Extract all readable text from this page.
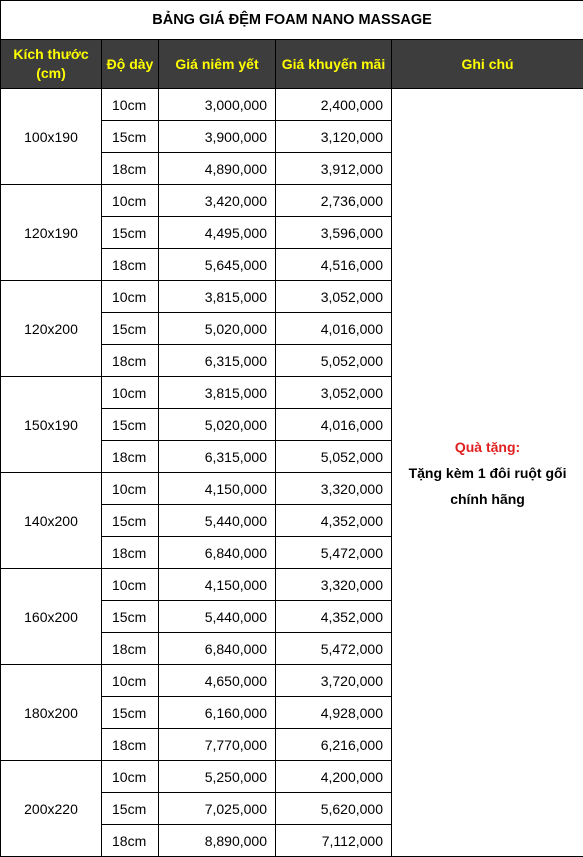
BẢNG GIÁ ĐỆM FOAM NANO MASSAGE				
Kích thước (cm)	Độ dày	Giá niêm yết	Giá khuyến mãi	Ghi chú
100x190	10cm	3,000,000	2,400,000	Quà tặng:
Tặng kèm 1 đôi ruột gối chính hãng

	15cm	3,900,000	3,120,000	
	18cm	4,890,000	3,912,000	
120x190	10cm	3,420,000	2,736,000	
	15cm	4,495,000	3,596,000	
	18cm	5,645,000	4,516,000	
120x200	10cm	3,815,000	3,052,000	
	15cm	5,020,000	4,016,000	
	18cm	6,315,000	5,052,000	
150x190	10cm	3,815,000	3,052,000	
	15cm	5,020,000	4,016,000	
	18cm	6,315,000	5,052,000	
140x200	10cm	4,150,000	3,320,000	
	15cm	5,440,000	4,352,000	
	18cm	6,840,000	5,472,000	
160x200	10cm	4,150,000	3,320,000	
	15cm	5,440,000	4,352,000	
	18cm	6,840,000	5,472,000	
180x200	10cm	4,650,000	3,720,000	
	15cm	6,160,000	4,928,000	
	18cm	7,770,000	6,216,000	
200x220	10cm	5,250,000	4,200,000	
	15cm	7,025,000	5,620,000	
	18cm	8,890,000	7,112,000	
